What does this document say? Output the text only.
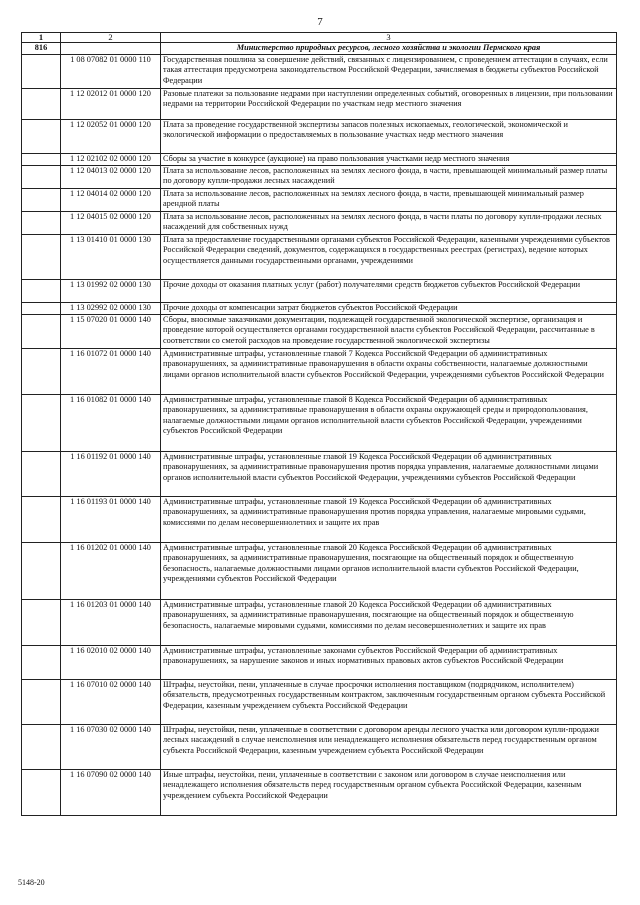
7
1	2	3
816		Министерство природных ресурсов, лесного хозяйства и экологии Пермского края
	1 08 07082 01 0000 110	Государственная пошлина за совершение действий, связанных с лицензированием, с проведением аттестации в случаях, если такая аттестация предусмотрена законодательством Российской Федерации, зачисляемая в бюджеты субъектов Российской Федерации
	1 12 02012 01 0000 120	Разовые платежи за пользование недрами при наступлении определенных событий, оговоренных в лицензии, при пользовании недрами на территории Российской Федерации по участкам недр местного значения
	1 12 02052 01 0000 120	Плата за проведение государственной экспертизы запасов полезных ископаемых, геологической, экономической и экологической информации о предоставляемых в пользование участках недр местного значения
	1 12 02102 02 0000 120	Сборы за участие в конкурсе (аукционе) на право пользования участками недр местного значения
	1 12 04013 02 0000 120	Плата за использование лесов, расположенных на землях лесного фонда, в части, превышающей минимальный размер платы по договору купли-продажи лесных насаждений
	1 12 04014 02 0000 120	Плата за использование лесов, расположенных на землях лесного фонда, в части, превышающей минимальный размер арендной платы
	1 12 04015 02 0000 120	Плата за использование лесов, расположенных на землях лесного фонда, в части платы по договору купли-продажи лесных насаждений для собственных нужд
	1 13 01410 01 0000 130	Плата за предоставление государственными органами субъектов Российской Федерации, казенными учреждениями субъектов Российской Федерации сведений, документов, содержащихся в государственных реестрах (регистрах), ведение которых осуществляется данными государственными органами, учреждениями
	1 13 01992 02 0000 130	Прочие доходы от оказания платных услуг (работ) получателями средств бюджетов субъектов Российской Федерации
	1 13 02992 02 0000 130	Прочие доходы от компенсации затрат бюджетов субъектов Российской Федерации
	1 15 07020 01 0000 140	Сборы, вносимые заказчиками документации, подлежащей государственной экологической экспертизе, организация и проведение которой осуществляется органами государственной власти субъектов Российской Федерации, рассчитанные в соответствии со сметой расходов на проведение государственной экологической экспертизы
	1 16 01072 01 0000 140	Административные штрафы, установленные главой 7 Кодекса Российской Федерации об административных правонарушениях, за административные правонарушения в области охраны собственности, налагаемые должностными лицами органов исполнительной власти субъектов Российской Федерации, учреждениями субъектов Российской Федерации
	1 16 01082 01 0000 140	Административные штрафы, установленные главой 8 Кодекса Российской Федерации об административных правонарушениях, за административные правонарушения в области охраны окружающей среды и природопользования, налагаемые должностными лицами органов исполнительной власти субъектов Российской Федерации, учреждениями субъектов Российской Федерации
	1 16 01192 01 0000 140	Административные штрафы, установленные главой 19 Кодекса Российской Федерации об административных правонарушениях, за административные правонарушения против порядка управления, налагаемые должностными лицами органов исполнительной власти субъектов Российской Федерации, учреждениями субъектов Российской Федерации
	1 16 01193 01 0000 140	Административные штрафы, установленные главой 19 Кодекса Российской Федерации об административных правонарушениях, за административные правонарушения против порядка управления, налагаемые мировыми судьями, комиссиями по делам несовершеннолетних и защите их прав
	1 16 01202 01 0000 140	Административные штрафы, установленные главой 20 Кодекса Российской Федерации об административных правонарушениях, за административные правонарушения, посягающие на общественный порядок и общественную безопасность, налагаемые должностными лицами органов исполнительной власти субъектов Российской Федерации, учреждениями субъектов Российской Федерации
	1 16 01203 01 0000 140	Административные штрафы, установленные главой 20 Кодекса Российской Федерации об административных правонарушениях, за административные правонарушения, посягающие на общественный порядок и общественную безопасность, налагаемые мировыми судьями, комиссиями по делам несовершеннолетних и защите их прав
	1 16 02010 02 0000 140	Административные штрафы, установленные законами субъектов Российской Федерации об административных правонарушениях, за нарушение законов и иных нормативных правовых актов субъектов Российской Федерации
	1 16 07010 02 0000 140	Штрафы, неустойки, пени, уплаченные в случае просрочки исполнения поставщиком (подрядчиком, исполнителем) обязательств, предусмотренных государственным контрактом, заключенным государственным органом субъекта Российской Федерации, казенным учреждением субъекта Российской Федерации
	1 16 07030 02 0000 140	Штрафы, неустойки, пени, уплаченные в соответствии с договором аренды лесного участка или договором купли-продажи лесных насаждений в случае неисполнения или ненадлежащего исполнения обязательств перед государственным органом субъекта Российской Федерации, казенным учреждением субъекта Российской Федерации
	1 16 07090 02 0000 140	Иные штрафы, неустойки, пени, уплаченные в соответствии с законом или договором в случае неисполнения или ненадлежащего исполнения обязательств перед государственным органом субъекта Российской Федерации, казенным учреждением субъекта Российской Федерации
5148-20
